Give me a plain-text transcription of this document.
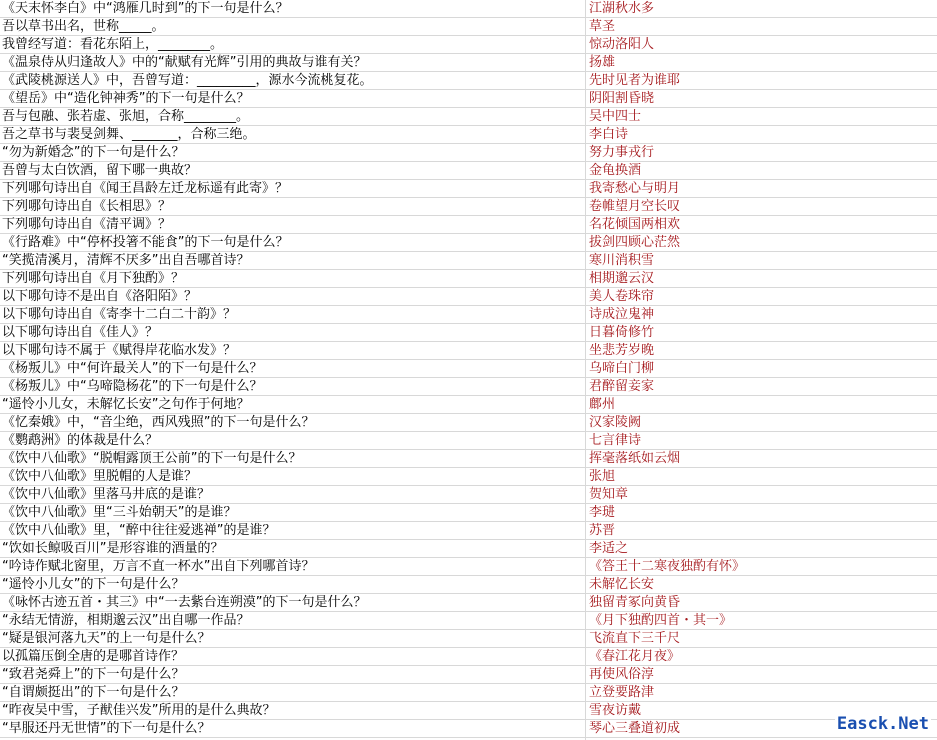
《天末怀李白》中“鸿雁几时到”的下一句是什么？	江湖秋水多
吾以草书出名，世称_____。	草圣
我曾经写道：看花东陌上，________。	惊动洛阳人
《温泉侍从归逢故人》中的“献赋有光辉”引用的典故与谁有关？	扬雄
《武陵桃源送人》中，吾曾写道：_________，源水今流桃复花。	先时见者为谁耶
《望岳》中“造化钟神秀”的下一句是什么？	阴阳割昏晓
吾与包融、张若虚、张旭，合称________。	吴中四士
吾之草书与裴旻剑舞、_______，合称三绝。	李白诗
“勿为新婚念”的下一句是什么？	努力事戎行
吾曾与太白饮酒，留下哪一典故？	金龟换酒
下列哪句诗出自《闻王昌龄左迁龙标遥有此寄》？	我寄愁心与明月
下列哪句诗出自《长相思》？	卷帷望月空长叹
下列哪句诗出自《清平调》？	名花倾国两相欢
《行路难》中“停杯投箸不能食”的下一句是什么？	拔剑四顾心茫然
“笑揽清溪月，清辉不厌多”出自吾哪首诗？	寒川消积雪
下列哪句诗出自《月下独酌》？	相期邈云汉
以下哪句诗不是出自《洛阳陌》？	美人卷珠帘
以下哪句诗出自《寄李十二白二十韵》？	诗成泣鬼神
以下哪句诗出自《佳人》？	日暮倚修竹
以下哪句诗不属于《赋得岸花临水发》？	坐悲芳岁晚
《杨叛儿》中“何许最关人”的下一句是什么？	乌啼白门柳
《杨叛儿》中“乌啼隐杨花”的下一句是什么？	君醉留妾家
“遥怜小儿女，未解忆长安”之句作于何地？	鄜州
《忆秦娥》中，“音尘绝，西风残照”的下一句是什么？	汉家陵阙
《鹦鹉洲》的体裁是什么？	七言律诗
《饮中八仙歌》“脱帽露顶王公前”的下一句是什么？	挥毫落纸如云烟
《饮中八仙歌》里脱帽的人是谁？	张旭
《饮中八仙歌》里落马井底的是谁？	贺知章
《饮中八仙歌》里“三斗始朝天”的是谁？	李琎
《饮中八仙歌》里，“醉中往往爱逃禅”的是谁？	苏晋
“饮如长鲸吸百川”是形容谁的酒量的？	李适之
“吟诗作赋北窗里，万言不直一杯水”出自下列哪首诗？	《答王十二寒夜独酌有怀》
“遥怜小儿女”的下一句是什么？	未解忆长安
《咏怀古迹五首・其三》中“一去紫台连朔漠”的下一句是什么？	独留青冢向黄昏
“永结无情游，相期邈云汉”出自哪一作品？	《月下独酌四首・其一》
“疑是银河落九天”的上一句是什么？	飞流直下三千尺
以孤篇压倒全唐的是哪首诗作？	《春江花月夜》
“致君尧舜上”的下一句是什么？	再使风俗淳
“自谓颇挺出”的下一句是什么？	立登要路津
“昨夜吴中雪，子猷佳兴发”所用的是什么典故？	雪夜访戴
“早服还丹无世情”的下一句是什么？	琴心三叠道初成	Easck.Net
